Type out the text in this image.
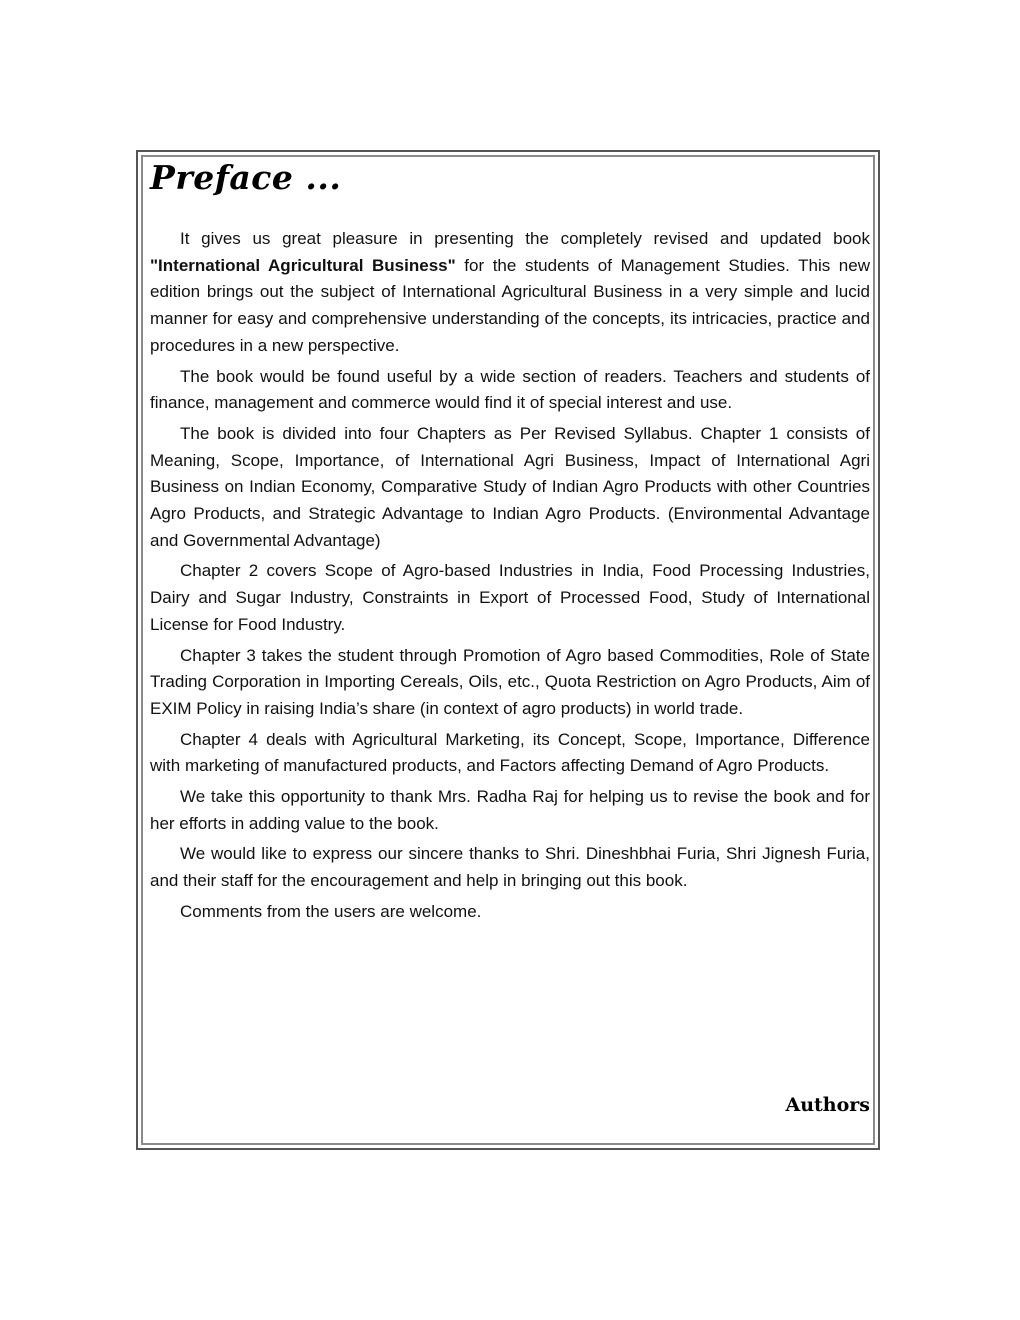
Preface ...

It gives us great pleasure in presenting the completely revised and updated book "International Agricultural Business" for the students of Management Studies. This new edition brings out the subject of International Agricultural Business in a very simple and lucid manner for easy and comprehensive understanding of the concepts, its intricacies, practice and procedures in a new perspective.

The book would be found useful by a wide section of readers. Teachers and students of finance, management and commerce would find it of special interest and use.

The book is divided into four Chapters as Per Revised Syllabus. Chapter 1 consists of Meaning, Scope, Importance, of International Agri Business, Impact of International Agri Business on Indian Economy, Comparative Study of Indian Agro Products with other Countries Agro Products, and Strategic Advantage to Indian Agro Products. (Environmental Advantage and Governmental Advantage)

Chapter 2 covers Scope of Agro-based Industries in India, Food Processing Industries, Dairy and Sugar Industry, Constraints in Export of Processed Food, Study of International License for Food Industry.

Chapter 3 takes the student through Promotion of Agro based Commodities, Role of State Trading Corporation in Importing Cereals, Oils, etc., Quota Restriction on Agro Products, Aim of EXIM Policy in raising India’s share (in context of agro products) in world trade.

Chapter 4 deals with Agricultural Marketing, its Concept, Scope, Importance, Difference with marketing of manufactured products, and Factors affecting Demand of Agro Products.

We take this opportunity to thank Mrs. Radha Raj for helping us to revise the book and for her efforts in adding value to the book.

We would like to express our sincere thanks to Shri. Dineshbhai Furia, Shri Jignesh Furia, and their staff for the encouragement and help in bringing out this book.

Comments from the users are welcome.

Authors
